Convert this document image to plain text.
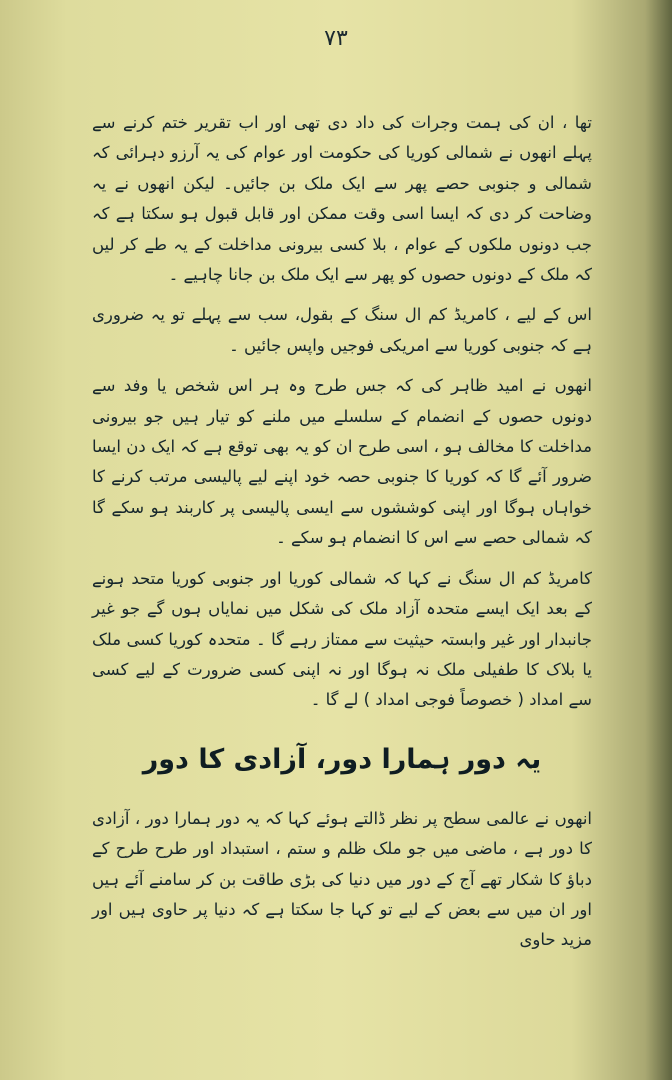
۷۳

تھا ، ان کی ہمت وجرات کی داد دی تھی اور اب تقریر ختم کرنے سے پہلے انھوں نے شمالی کوریا کی حکومت اور عوام کی یہ آرزو دہرائی کہ شمالی و جنوبی حصے پھر سے ایک ملک بن جائیں۔ لیکن انھوں نے یہ وضاحت کر دی کہ ایسا اسی وقت ممکن اور قابل قبول ہو سکتا ہے کہ جب دونوں ملکوں کے عوام ، بلا کسی بیرونی مداخلت کے یہ طے کر لیں کہ ملک کے دونوں حصوں کو پھر سے ایک ملک بن جانا چاہیے ۔

اس کے لیے ، کامریڈ کم ال سنگ کے بقول، سب سے پہلے تو یہ ضروری ہے کہ جنوبی کوریا سے امریکی فوجیں واپس جائیں ۔

انھوں نے امید ظاہر کی کہ جس طرح وہ ہر اس شخص یا وفد سے دونوں حصوں کے انضمام کے سلسلے میں ملنے کو تیار ہیں جو بیرونی مداخلت کا مخالف ہو ، اسی طرح ان کو یہ بھی توقع ہے کہ ایک دن ایسا ضرور آئے گا کہ کوریا کا جنوبی حصہ خود اپنے لیے پالیسی مرتب کرنے کا خواہاں ہوگا اور اپنی کوششوں سے ایسی پالیسی پر کاربند ہو سکے گا کہ شمالی حصے سے اس کا انضمام ہو سکے ۔

کامریڈ کم ال سنگ نے کہا کہ شمالی کوریا اور جنوبی کوریا متحد ہونے کے بعد ایک ایسے متحدہ آزاد ملک کی شکل میں نمایاں ہوں گے جو غیر جانبدار اور غیر وابستہ حیثیت سے ممتاز رہے گا ۔ متحدہ کوریا کسی ملک یا بلاک کا طفیلی ملک نہ ہوگا اور نہ اپنی کسی ضرورت کے لیے کسی سے امداد ( خصوصاً فوجی امداد ) لے گا ۔

یہ دور ہمارا دور، آزادی کا دور

انھوں نے عالمی سطح پر نظر ڈالتے ہوئے کہا کہ یہ دور ہمارا دور ، آزادی کا دور ہے ، ماضی میں جو ملک ظلم و ستم ، استبداد اور طرح طرح کے دباؤ کا شکار تھے آج کے دور میں دنیا کی بڑی طاقت بن کر سامنے آئے ہیں اور ان میں سے بعض کے لیے تو کہا جا سکتا ہے کہ دنیا پر حاوی ہیں اور مزید حاوی
